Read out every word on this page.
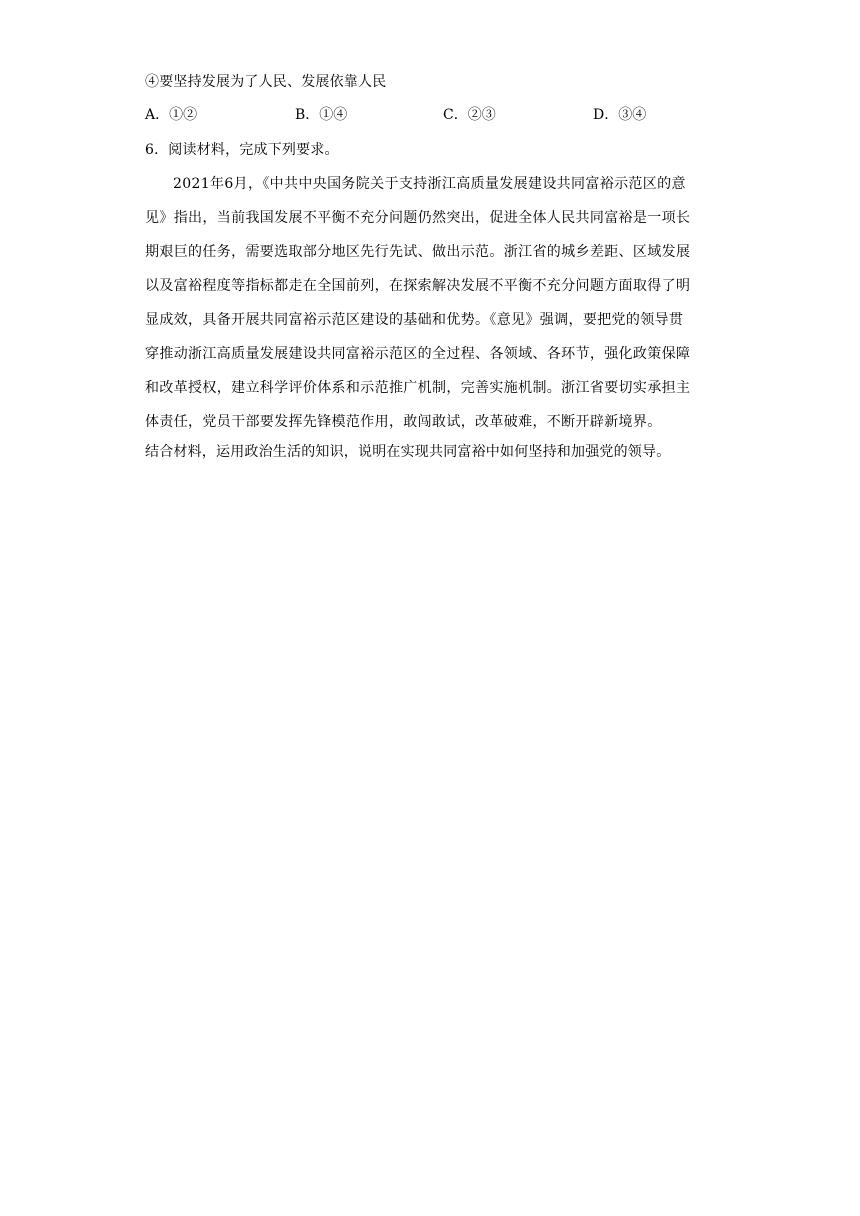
④要坚持发展为了人民、发展依靠人民
A．①②	B．①④	C．②③	D．③④
6．阅读材料，完成下列要求。
2021年6月，《中共中央国务院关于支持浙江高质量发展建设共同富裕示范区的意
见》指出，当前我国发展不平衡不充分问题仍然突出，促进全体人民共同富裕是一项长
期艰巨的任务，需要选取部分地区先行先试、做出示范。浙江省的城乡差距、区域发展
以及富裕程度等指标都走在全国前列，在探索解决发展不平衡不充分问题方面取得了明
显成效，具备开展共同富裕示范区建设的基础和优势。《意见》强调，要把党的领导贯
穿推动浙江高质量发展建设共同富裕示范区的全过程、各领域、各环节，强化政策保障
和改革授权，建立科学评价体系和示范推广机制，完善实施机制。浙江省要切实承担主
体责任，党员干部要发挥先锋模范作用，敢闯敢试，改革破难，不断开辟新境界。
结合材料，运用政治生活的知识，说明在实现共同富裕中如何坚持和加强党的领导。
